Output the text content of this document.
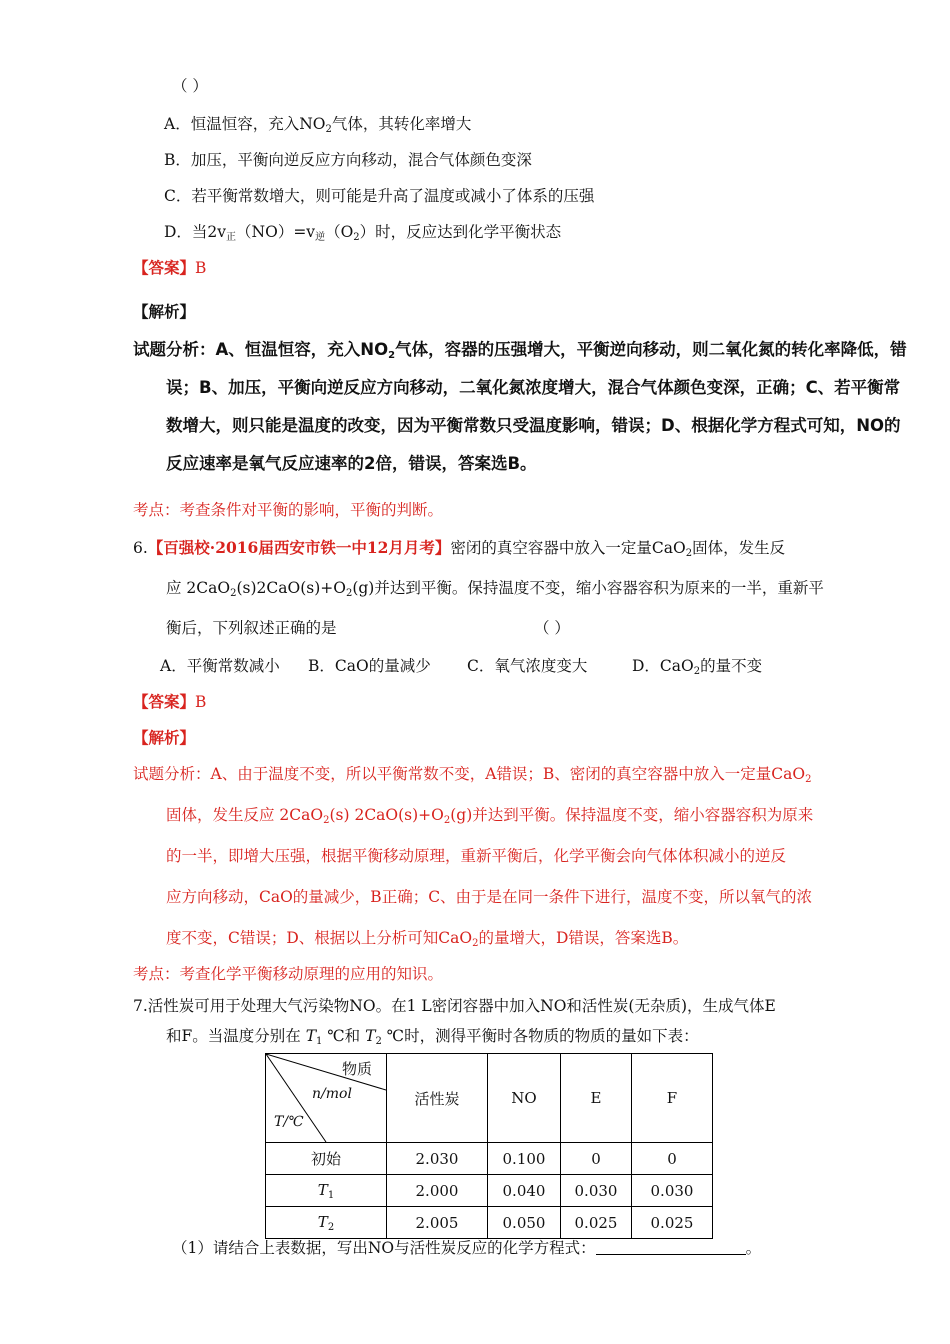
（ ）
A．恒温恒容，充入$NO_2$气体，其转化率增大
B．加压，平衡向逆反应方向移动，混合气体颜色变深
C．若平衡常数增大，则可能是升高了温度或减小了体系的压强
D．当$2v_正(NO)=v_逆(O_2)$时，反应达到化学平衡状态
【答案】B
【解析】
试题分析：A、恒温恒容，充入$NO_2$气体，容器的压强增大，平衡逆向移动，则二氧化氮的转化率降低，错
误；B、加压，平衡向逆反应方向移动，二氧化氮浓度增大，混合气体颜色变深，正确；C、若平衡常
数增大，则只能是温度的改变，因为平衡常数只受温度影响，错误；D、根据化学方程式可知，NO的
反应速率是氧气反应速率的2倍，错误，答案选B。
考点：考查条件对平衡的影响，平衡的判断。
6.【百强校·2016届西安市铁一中12月月考】密闭的真空容器中放入一定量CaO$_2$固体，发生反
应 $2CaO_2(s)2CaO(s)+O_2(g)$并达到平衡。保持温度不变，缩小容器容积为原来的一半，重新平
衡后，下列叙述正确的是	（ ）
A．平衡常数减小 B．CaO的量减少 C．氧气浓度变大	D．CaO$_2$的量不变
【答案】B
【解析】
试题分析：A、由于温度不变，所以平衡常数不变，A错误；B、密闭的真空容器中放入一定量CaO$_2$
固体，发生反应 2CaO$_2$(s) $2CaO(s)+O_2(g)$并达到平衡。保持温度不变，缩小容器容积为原来
的一半，即增大压强，根据平衡移动原理，重新平衡后，化学平衡会向气体体积减小的逆反
应方向移动，CaO的量减少，B正确；C、由于是在同一条件下进行，温度不变，所以氧气的浓
度不变，C错误；D、根据以上分析可知CaO$_2$的量增大，D错误，答案选B。
考点：考查化学平衡移动原理的应用的知识。
7.活性炭可用于处理大气污染物NO。在1 L密闭容器中加入NO和活性炭(无杂质)，生成气体E
和F。当温度分别在 $T_1$ ℃和 $T_2$ ℃时，测得平衡时各物质的物质的量如下表：
物质
n/mol
T/℃	活性炭	NO	E	F
初始	2.030	0.100	0	0
$T_1$	2.000	0.040	0.030	0.030
$T_2$	2.005	0.050	0.025	0.025
（1）请结合上表数据，写出NO与活性炭反应的化学方程式：	。
